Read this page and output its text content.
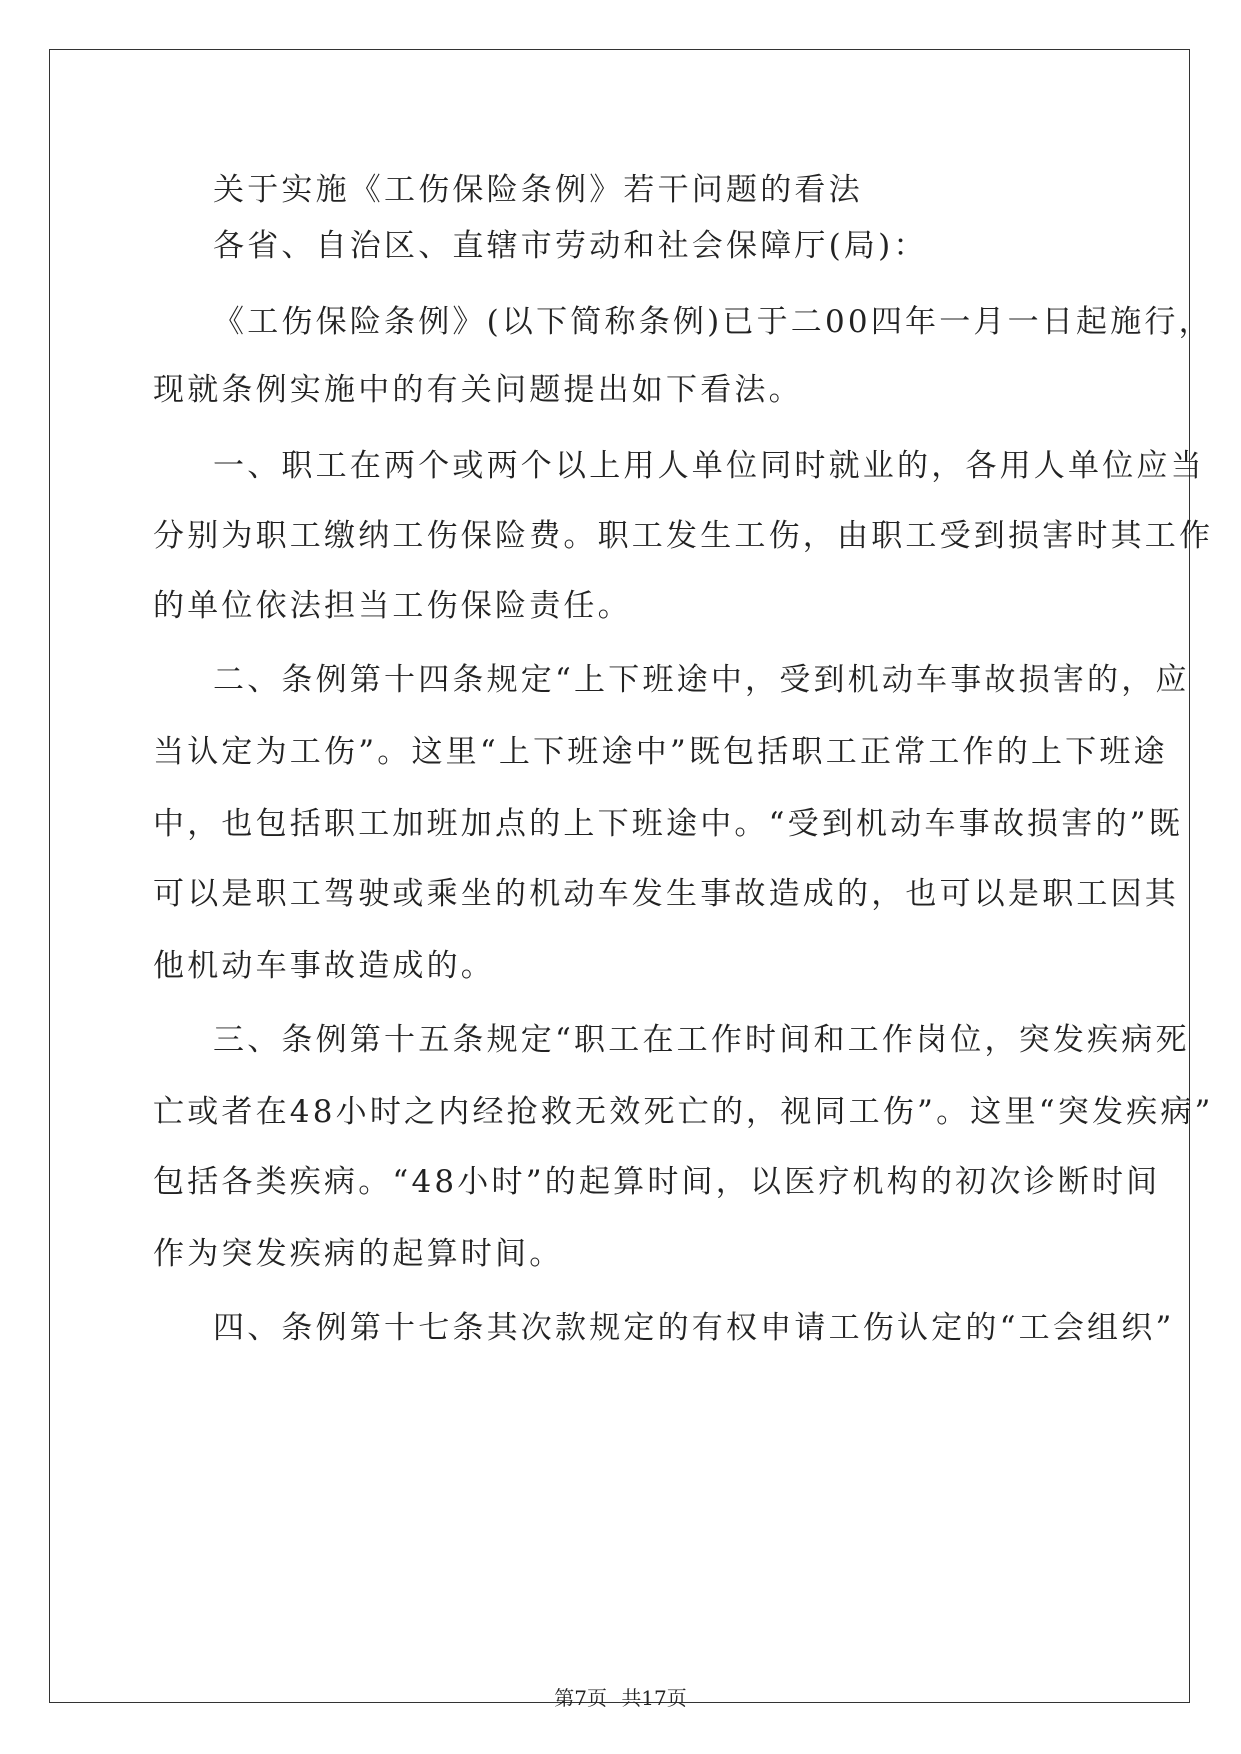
关于实施《工伤保险条例》若干问题的看法
各省、自治区、直辖市劳动和社会保障厅(局)：
《工伤保险条例》(以下简称条例)已于二00四年一月一日起施行，
现就条例实施中的有关问题提出如下看法。
一、职工在两个或两个以上用人单位同时就业的，各用人单位应当
分别为职工缴纳工伤保险费。职工发生工伤，由职工受到损害时其工作
的单位依法担当工伤保险责任。
二、条例第十四条规定“上下班途中，受到机动车事故损害的，应
当认定为工伤”。这里“上下班途中”既包括职工正常工作的上下班途
中，也包括职工加班加点的上下班途中。“受到机动车事故损害的”既
可以是职工驾驶或乘坐的机动车发生事故造成的，也可以是职工因其
他机动车事故造成的。
三、条例第十五条规定“职工在工作时间和工作岗位，突发疾病死
亡或者在48小时之内经抢救无效死亡的，视同工伤”。这里“突发疾病”
包括各类疾病。“48小时”的起算时间，以医疗机构的初次诊断时间
作为突发疾病的起算时间。
四、条例第十七条其次款规定的有权申请工伤认定的“工会组织”
第7页 共17页
